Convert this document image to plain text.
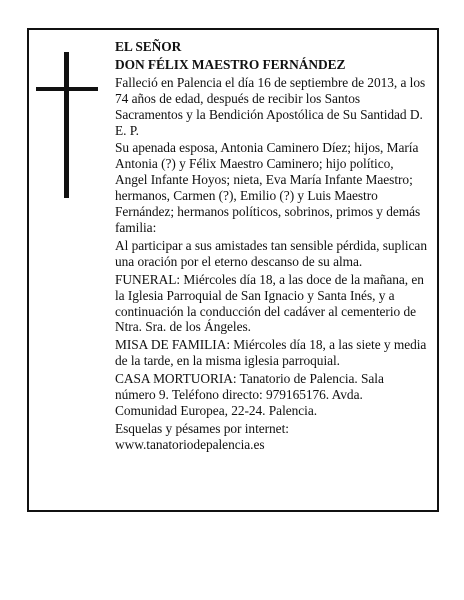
EL SEÑOR

DON FÉLIX MAESTRO FERNÁNDEZ

Falleció en Palencia el día 16 de septiembre de 2013, a los 74 años de edad, después de recibir los Santos Sacramentos y la Bendición Apostólica de Su Santidad D. E. P.

Su apenada esposa, Antonia Caminero Díez; hijos, María Antonia (?) y Félix Maestro Caminero; hijo político, Angel Infante Hoyos; nieta, Eva María Infante Maestro; hermanos, Carmen (?), Emilio (?) y Luis Maestro Fernández; hermanos políticos, sobrinos, primos y demás familia:

Al participar a sus amistades tan sensible pérdida, suplican una oración por el eterno descanso de su alma.

FUNERAL: Miércoles día 18, a las doce de la mañana, en la Iglesia Parroquial de San Ignacio y Santa Inés, y a continuación la conducción del cadáver al cementerio de Ntra. Sra. de los Ángeles.

MISA DE FAMILIA: Miércoles día 18, a las siete y media de la tarde, en la misma iglesia parroquial.

CASA MORTUORIA: Tanatorio de Palencia. Sala número 9. Teléfono directo: 979165176. Avda. Comunidad Europea, 22-24. Palencia.

Esquelas y pésames por internet:
www.tanatoriodepalencia.es
